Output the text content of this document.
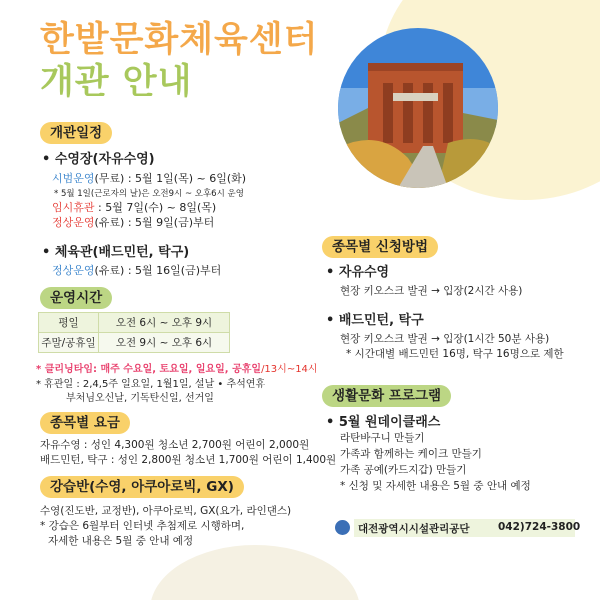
한밭문화체육센터
개관 안내
개관일정
• 수영장(자유수영)
시범운영(무료) : 5월 1일(목) ~ 6일(화)
* 5월 1일(근로자의 날)은 오전9시 ~ 오후6시 운영
임시휴관 : 5월 7일(수) ~ 8일(목)
정상운영(유료) : 5월 9일(금)부터
• 체육관(배드민턴, 탁구)
정상운영(유료) : 5월 16일(금)부터
운영시간
평일	오전 6시 ~ 오후 9시
주말/공휴일	오전 9시 ~ 오후 6시
* 클리닝타임: 매주 수요일, 토요일, 일요일, 공휴일/13시~14시
* 휴관일 : 2,4,5주 일요일, 1월1일, 설날 • 추석연휴
부처님오신날, 기독탄신일, 선거일
종목별 요금
자유수영 : 성인 4,300원 청소년 2,700원 어린이 2,000원
배드민턴, 탁구 : 성인 2,800원 청소년 1,700원 어린이 1,400원
강습반(수영, 아쿠아로빅, GX)
수영(진도반, 교정반), 아쿠아로빅, GX(요가, 라인댄스)
* 강습은 6월부터 인터넷 추첨제로 시행하며,
자세한 내용은 5월 중 안내 예정
종목별 신청방법
• 자유수영
현장 키오스크 발권 → 입장(2시간 사용)
• 배드민턴, 탁구
현장 키오스크 발권 → 입장(1시간 50분 사용)
* 시간대별 배드민턴 16명, 탁구 16명으로 제한
생활문화 프로그램
• 5월 원데이클래스
라탄바구니 만들기
가족과 함께하는 케이크 만들기
가족 공예(카드지갑) 만들기
* 신청 및 자세한 내용은 5월 중 안내 예정
대전광역시시설관리공단	042)724-3800
